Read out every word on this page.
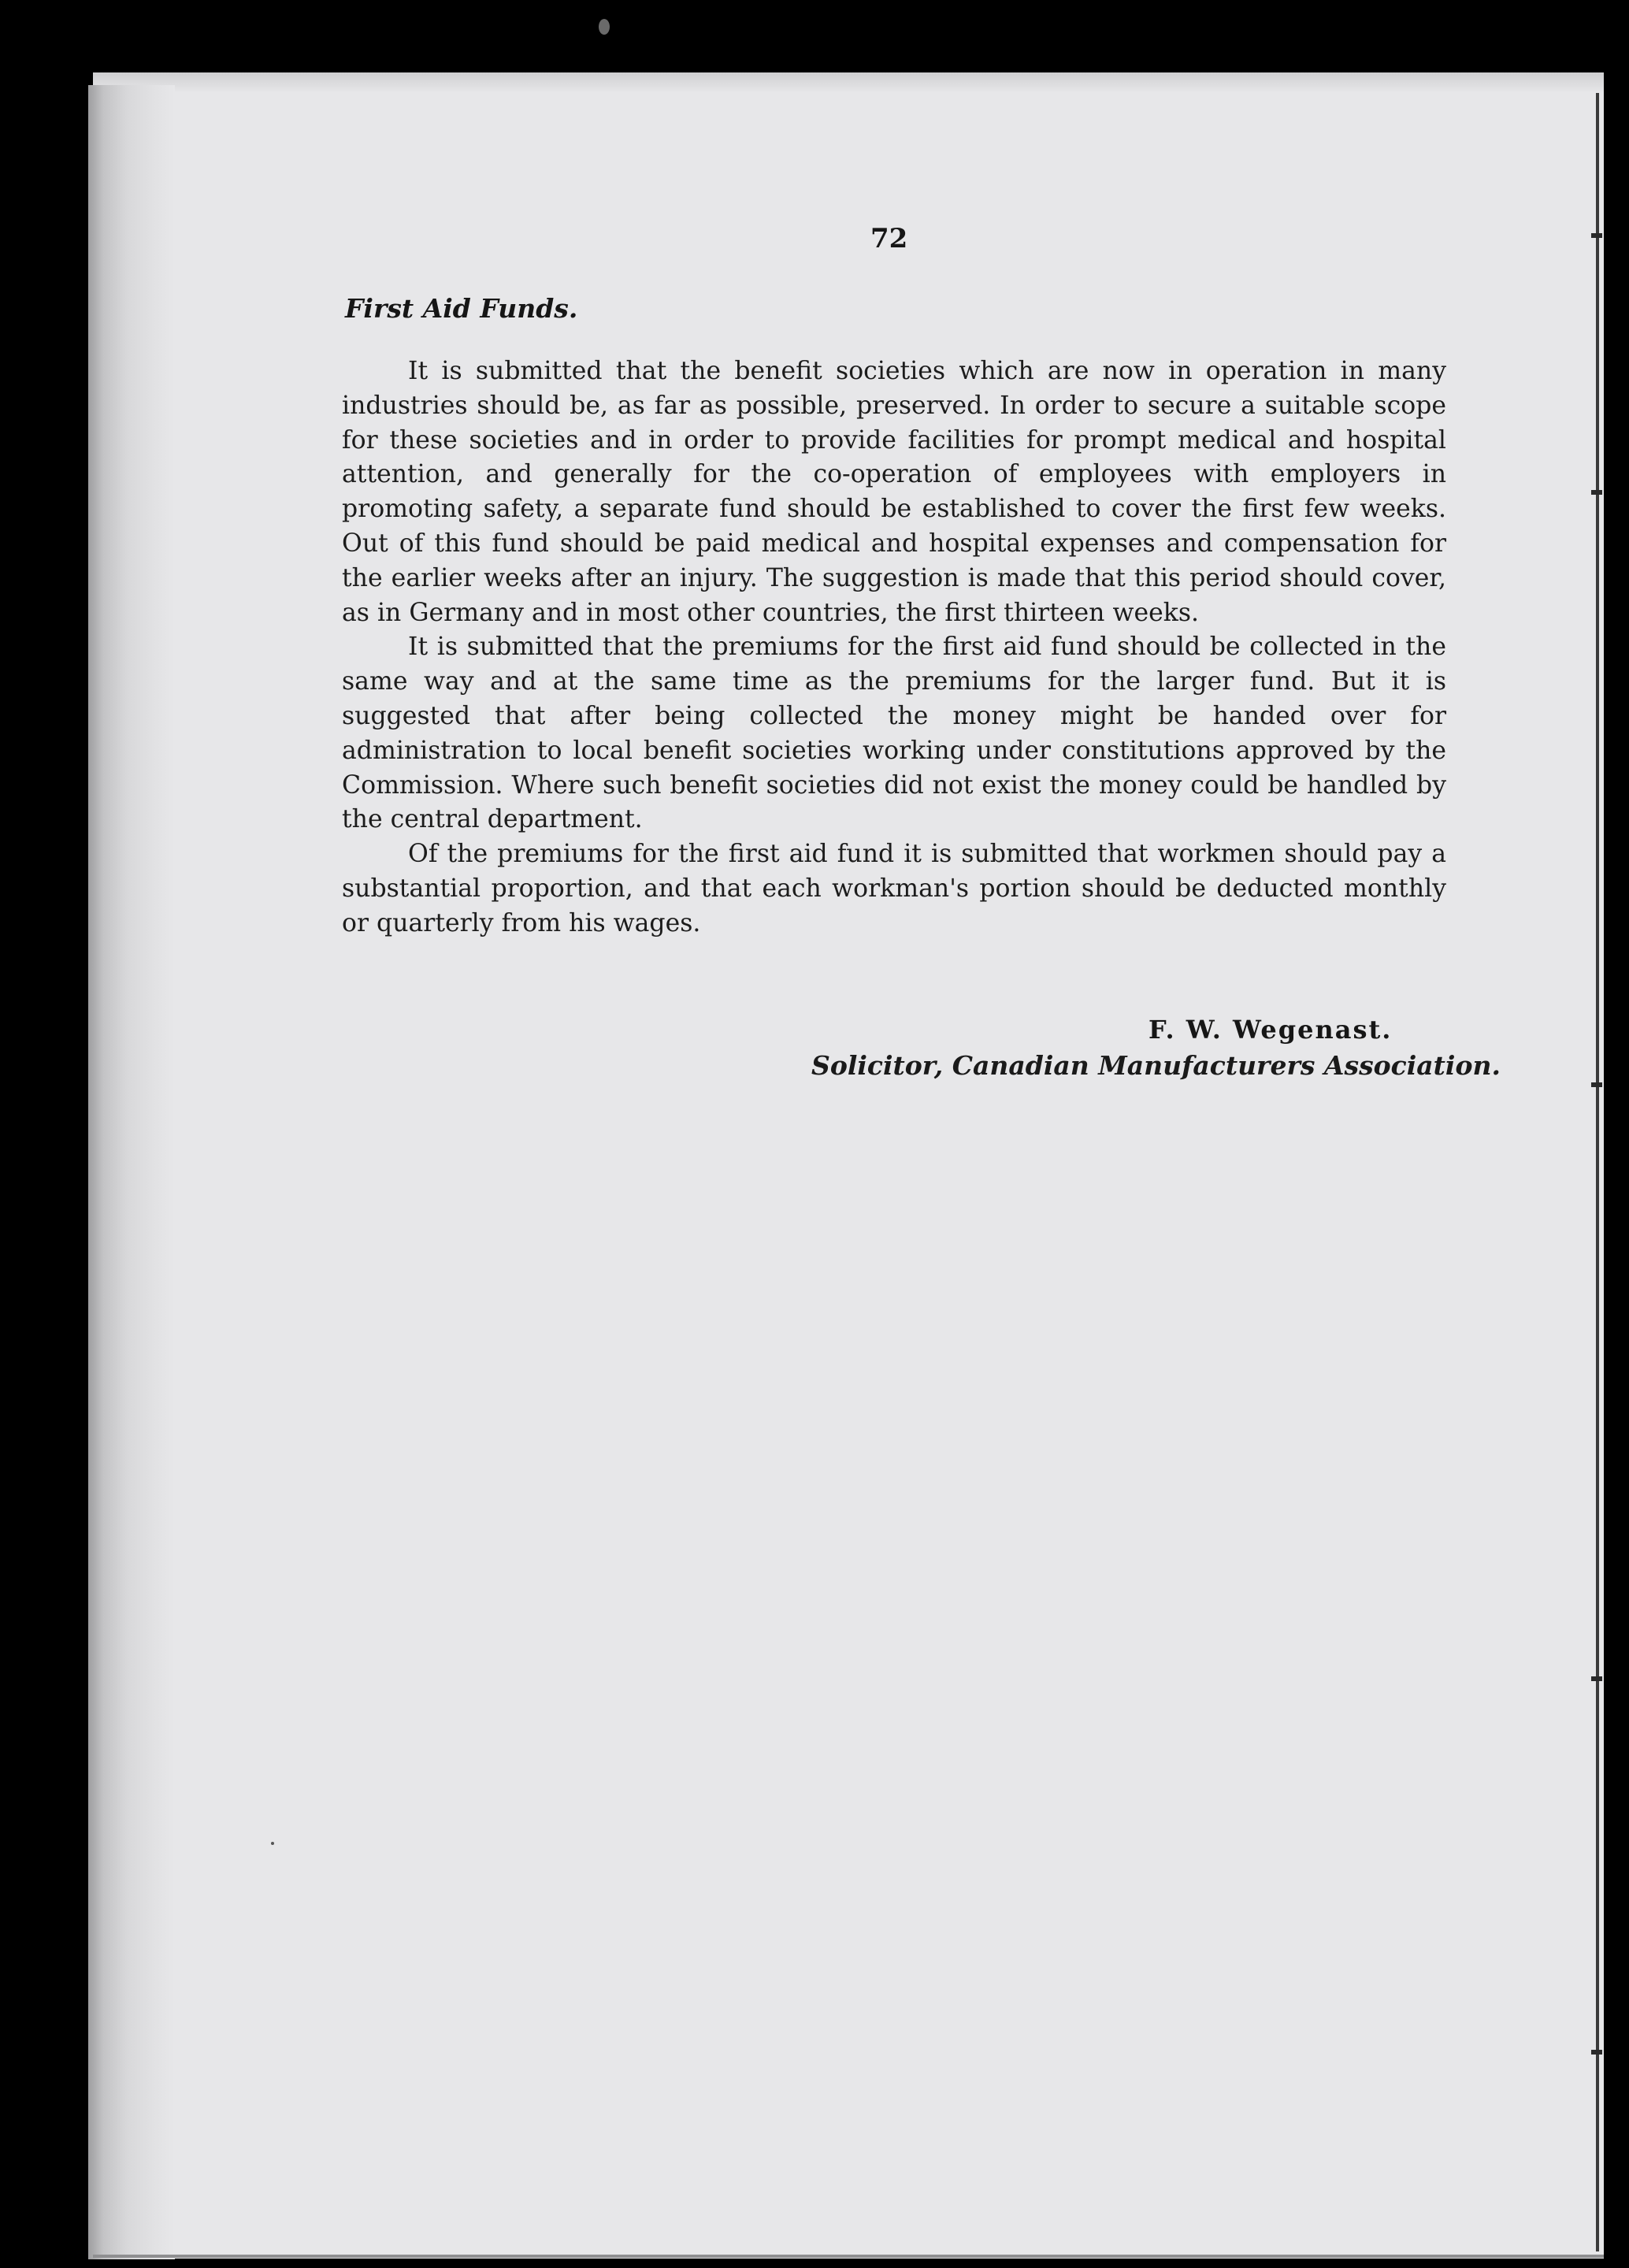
72
First Aid Funds.

It is submitted that the benefit societies which are now in operation in many industries should be, as far as possible, preserved. In order to secure a suitable scope for these societies and in order to provide facilities for prompt medical and hospital attention, and generally for the co-operation of employees with employers in promoting safety, a separate fund should be established to cover the first few weeks. Out of this fund should be paid medical and hospital expenses and compensation for the earlier weeks after an injury. The suggestion is made that this period should cover, as in Germany and in most other countries, the first thirteen weeks.

It is submitted that the premiums for the first aid fund should be collected in the same way and at the same time as the premiums for the larger fund. But it is suggested that after being collected the money might be handed over for administration to local benefit societies working under constitutions approved by the Commission. Where such benefit societies did not exist the money could be handled by the central department.

Of the premiums for the first aid fund it is submitted that workmen should pay a substantial proportion, and that each workman's portion should be deducted monthly or quarterly from his wages.

F. W. Wegenast.
Solicitor, Canadian Manufacturers Association.
